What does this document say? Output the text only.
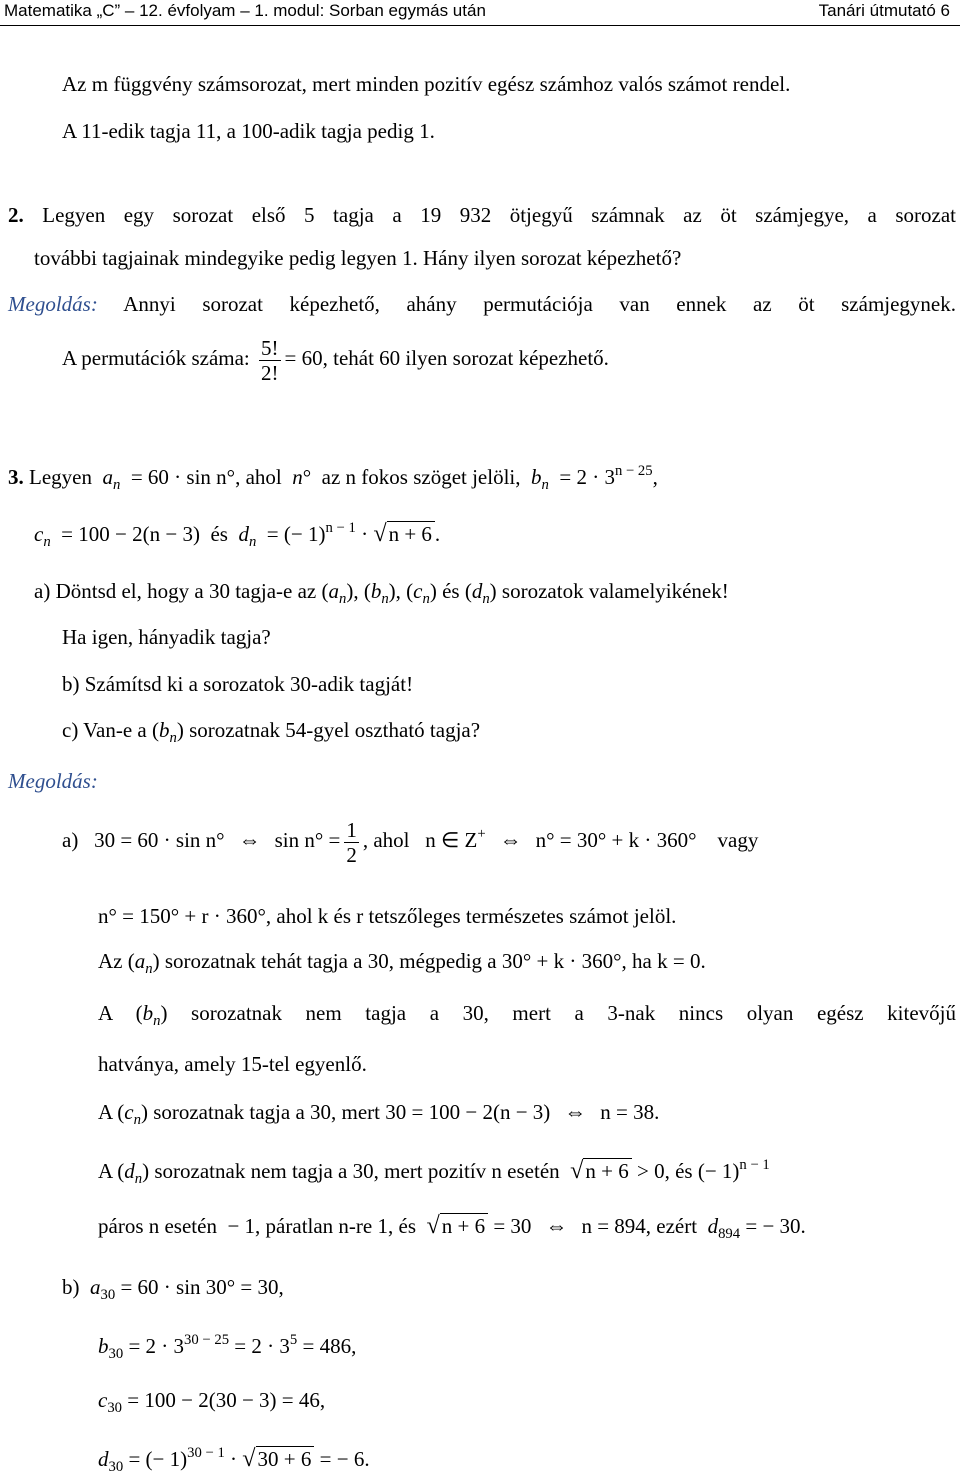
Matematika „C” – 12. évfolyam – 1. modul: Sorban egymás után	Tanári útmutató 6
Az m függvény számsorozat, mert minden pozitív egész számhoz valós számot rendel.
A 11-edik tagja 11, a 100-adik tagja pedig 1.
2. Legyen egy sorozat első 5 tagja a 19 932 ötjegyű számnak az öt számjegye, a sorozat
további tagjainak mindegyike pedig legyen 1. Hány ilyen sorozat képezhető?
Megoldás: Annyi sorozat képezhető, ahány permutációja van ennek az öt számjegynek.
A permutációk száma: $\frac{5!}{2!} = 60$, tehát 60 ilyen sorozat képezhető.
3. Legyen $a_n = 60 \cdot \sin n^\circ$, ahol n°  az n fokos szöget jelöli, $b_n = 2 \cdot 3^{n - 25}$,
$c_n = 100 - 2(n - 3)$ és $d_n$ = (− 1)$^{n - 1}$ · √n + 6 .
a) Döntsd el, hogy a 30 tagja-e az $(a_n)$, $(b_n)$, $(c_n)$ és $(d_n)$ sorozatok valamelyikének!
Ha igen, hányadik tagja?
b) Számítsd ki a sorozatok 30-adik tagját!
c) Van-e a $(b_n)$ sorozatnak 54-gyel osztható tagja?
Megoldás:
a) 30 = 60 · sin n° ⇔ $\sin n^\circ = \frac{1}{2}$ , ahol n ∈ Z+ ⇔ n° = 30° + k · 360° vagy
n° = 150° + r · 360°, ahol k és r tetszőleges természetes számot jelöl.
Az $(a_n)$ sorozatnak tehát tagja a 30, mégpedig a 30° + k · 360°, ha k = 0.
A $(b_n)$ sorozatnak nem tagja a 30, mert a 3-nak nincs olyan egész kitevőjű
hatványa, amely 15-tel egyenlő.
A $(c_n)$ sorozatnak tagja a 30, mert 30 = 100 − 2(n − 3) ⇔ n = 38.
A $(d_n)$ sorozatnak nem tagja a 30, mert pozitív n esetén √n + 6 > 0, és (− 1)$^{n - 1}$
páros n esetén − 1, páratlan n-re 1, és √n + 6 = 30 ⇔ n = 894, ezért $d_{894}$ = − 30.
b) $a_{30} = 60 \cdot \sin 30^\circ = 30$,
$b_{30} = 2 \cdot 3^{30 - 25} = 2 \cdot 3^5 = 486$,
$c_{30} = 100 - 2(30 - 3) = 46$,
$d_{30}$ = (− 1)$^{30 - 1}$ · √30 + 6 = − 6.
